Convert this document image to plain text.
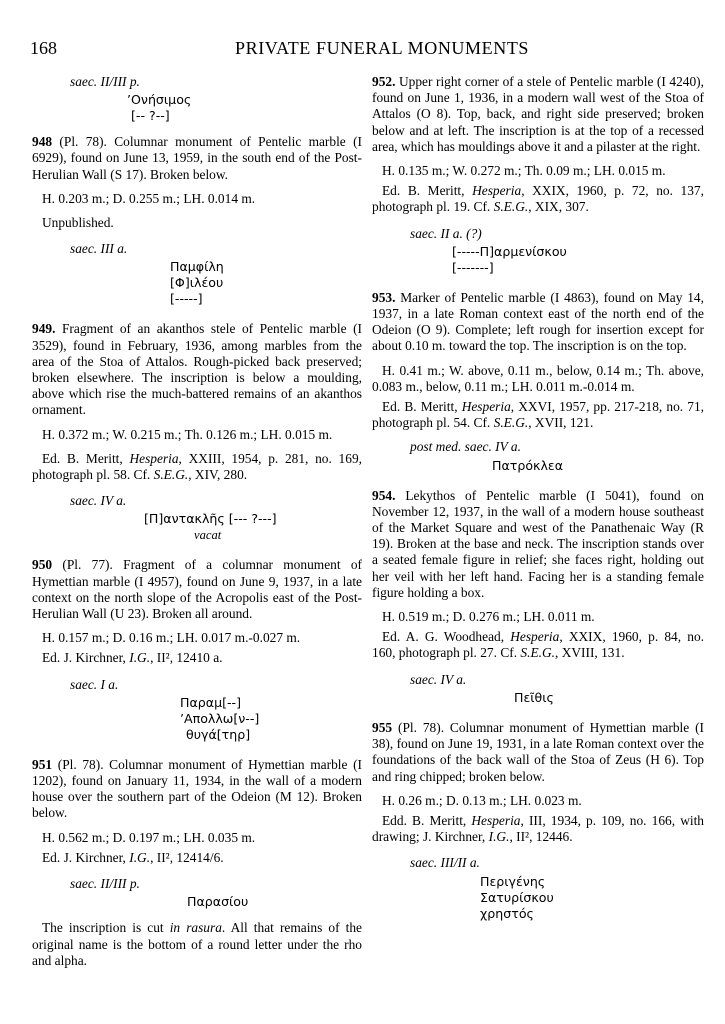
168	PRIVATE FUNERAL MONUMENTS

saec. II/III p.

’Ονήσιμος
[-- ?--]

948 (Pl. 78). Columnar monument of Pentelic marble (I 6929), found on June 13, 1959, in the south end of the Post-Herulian Wall (S 17). Broken below.

H. 0.203 m.; D. 0.255 m.; LH. 0.014 m.

Unpublished.

saec. III a.

Παμφίλη
[Φ]ιλέου
[-----]

949. Fragment of an akanthos stele of Pentelic marble (I 3529), found in February, 1936, among marbles from the area of the Stoa of Attalos. Rough-picked back preserved; broken elsewhere. The inscription is below a moulding, above which rise the much-battered remains of an akanthos ornament.

H. 0.372 m.; W. 0.215 m.; Th. 0.126 m.; LH. 0.015 m.

Ed. B. Meritt, Hesperia, XXIII, 1954, p. 281, no. 169, photograph pl. 58. Cf. S.E.G., XIV, 280.

saec. IV a.

[Π]αντακλῆς [--- ?---]
vacat

950 (Pl. 77). Fragment of a columnar monument of Hymettian marble (I 4957), found on June 9, 1937, in a late context on the north slope of the Acropolis east of the Post-Herulian Wall (U 23). Broken all around.

H. 0.157 m.; D. 0.16 m.; LH. 0.017 m.-0.027 m.

Ed. J. Kirchner, I.G., II², 12410 a.

saec. I a.

Παραμ[--]
’Απολλω[ν--]
θυγά[τηρ]

951 (Pl. 78). Columnar monument of Hymettian marble (I 1202), found on January 11, 1934, in the wall of a modern house over the southern part of the Odeion (M 12). Broken below.

H. 0.562 m.; D. 0.197 m.; LH. 0.035 m.

Ed. J. Kirchner, I.G., II², 12414/6.

saec. II/III p.

Παρασίου

The inscription is cut in rasura. All that remains of the original name is the bottom of a round letter under the rho and alpha.

952. Upper right corner of a stele of Pentelic marble (I 4240), found on June 1, 1936, in a modern wall west of the Stoa of Attalos (O 8). Top, back, and right side preserved; broken below and at left. The inscription is at the top of a recessed area, which has mouldings above it and a pilaster at the right.

H. 0.135 m.; W. 0.272 m.; Th. 0.09 m.; LH. 0.015 m.

Ed. B. Meritt, Hesperia, XXIX, 1960, p. 72, no. 137, photograph pl. 19. Cf. S.E.G., XIX, 307.

saec. II a. (?)

[-----Π]αρμενίσκου
[-------]

953. Marker of Pentelic marble (I 4863), found on May 14, 1937, in a late Roman context east of the north end of the Odeion (O 9). Complete; left rough for insertion except for about 0.10 m. toward the top. The inscription is on the top.

H. 0.41 m.; W. above, 0.11 m., below, 0.14 m.; Th. above, 0.083 m., below, 0.11 m.; LH. 0.011 m.-0.014 m.

Ed. B. Meritt, Hesperia, XXVI, 1957, pp. 217-218, no. 71, photograph pl. 54. Cf. S.E.G., XVII, 121.

post med. saec. IV a.

Πατρόκλεα

954. Lekythos of Pentelic marble (I 5041), found on November 12, 1937, in the wall of a modern house southeast of the Market Square and west of the Panathenaic Way (R 19). Broken at the base and neck. The inscription stands over a seated female figure in relief; she faces right, holding out her veil with her left hand. Facing her is a standing female figure holding a box.

H. 0.519 m.; D. 0.276 m.; LH. 0.011 m.

Ed. A. G. Woodhead, Hesperia, XXIX, 1960, p. 84, no. 160, photograph pl. 27. Cf. S.E.G., XVIII, 131.

saec. IV a.

Πεῖθις

955 (Pl. 78). Columnar monument of Hymettian marble (I 38), found on June 19, 1931, in a late Roman context over the foundations of the back wall of the Stoa of Zeus (H 6). Top and ring chipped; broken below.

H. 0.26 m.; D. 0.13 m.; LH. 0.023 m.

Edd. B. Meritt, Hesperia, III, 1934, p. 109, no. 166, with drawing; J. Kirchner, I.G., II², 12446.

saec. III/II a.

Περιγένης
Σατυρίσκου
χρηστός
